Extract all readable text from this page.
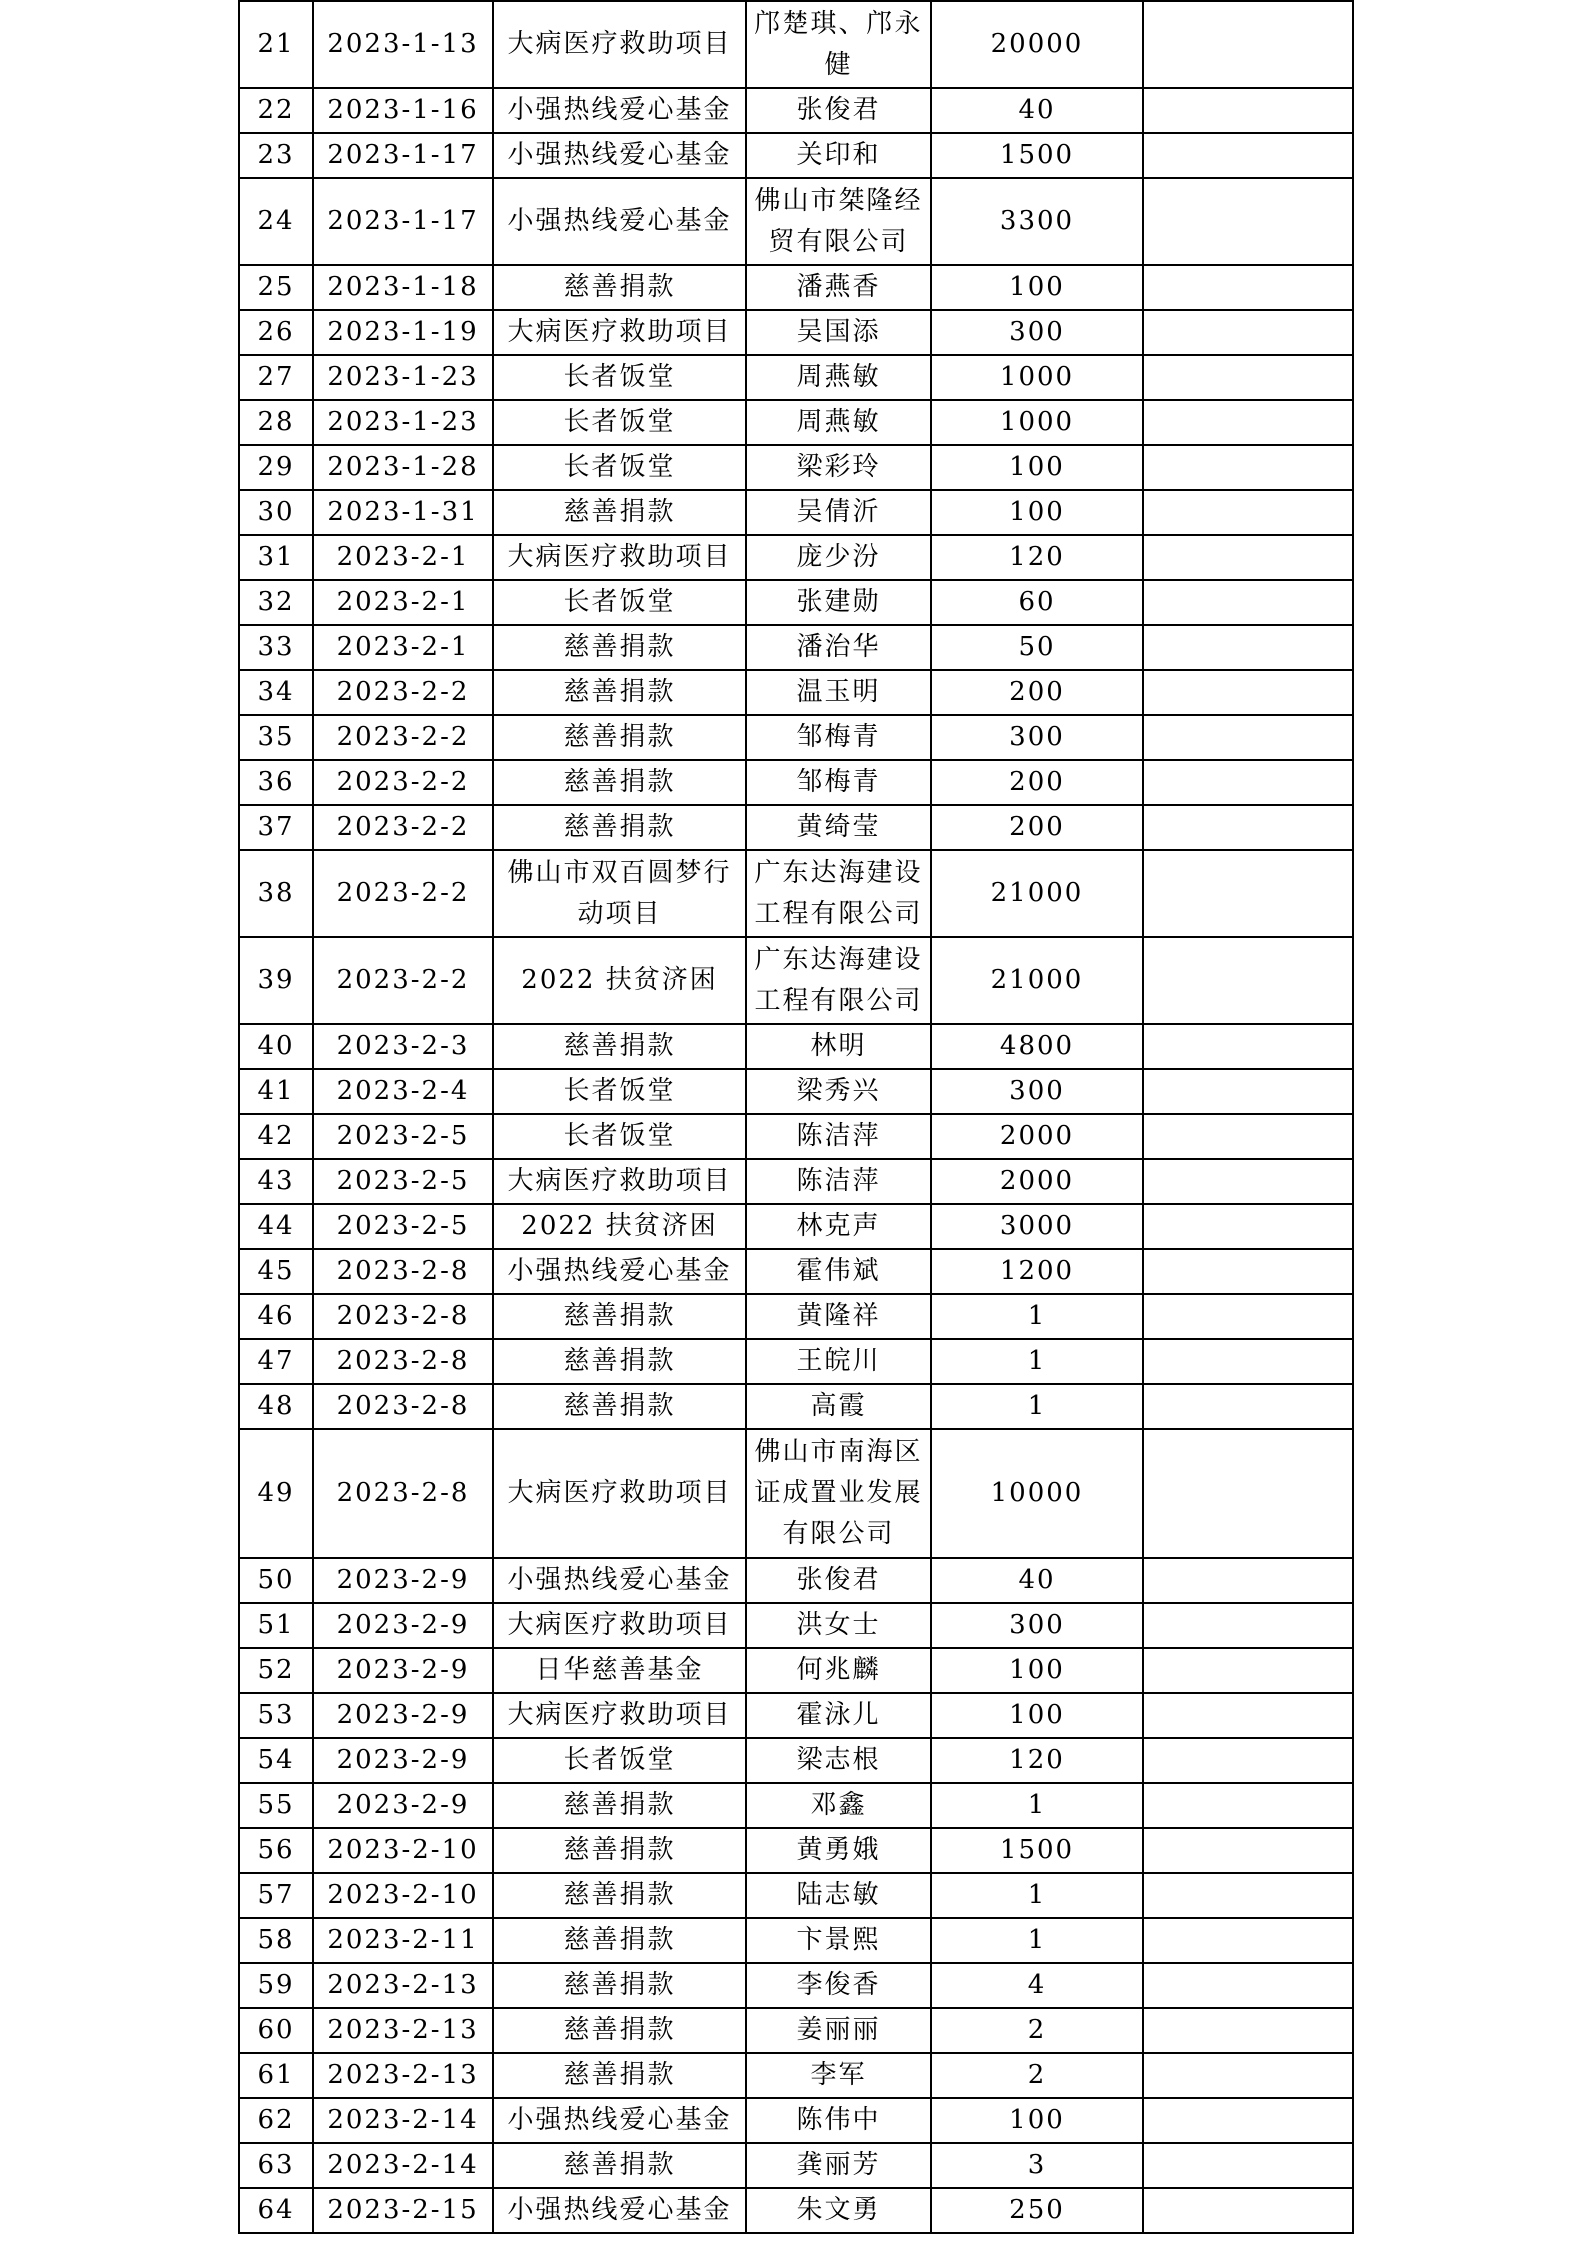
21	2023-1-13	大病医疗救助项目	邝楚琪、邝永健	20000	
22	2023-1-16	小强热线爱心基金	张俊君	40	
23	2023-1-17	小强热线爱心基金	关印和	1500	
24	2023-1-17	小强热线爱心基金	佛山市桀隆经贸有限公司	3300	
25	2023-1-18	慈善捐款	潘燕香	100	
26	2023-1-19	大病医疗救助项目	吴国添	300	
27	2023-1-23	长者饭堂	周燕敏	1000	
28	2023-1-23	长者饭堂	周燕敏	1000	
29	2023-1-28	长者饭堂	梁彩玲	100	
30	2023-1-31	慈善捐款	吴倩沂	100	
31	2023-2-1	大病医疗救助项目	庞少汾	120	
32	2023-2-1	长者饭堂	张建勋	60	
33	2023-2-1	慈善捐款	潘治华	50	
34	2023-2-2	慈善捐款	温玉明	200	
35	2023-2-2	慈善捐款	邹梅青	300	
36	2023-2-2	慈善捐款	邹梅青	200	
37	2023-2-2	慈善捐款	黄绮莹	200	
38	2023-2-2	佛山市双百圆梦行动项目	广东达海建设工程有限公司	21000	
39	2023-2-2	2022 扶贫济困	广东达海建设工程有限公司	21000	
40	2023-2-3	慈善捐款	林明	4800	
41	2023-2-4	长者饭堂	梁秀兴	300	
42	2023-2-5	长者饭堂	陈洁萍	2000	
43	2023-2-5	大病医疗救助项目	陈洁萍	2000	
44	2023-2-5	2022 扶贫济困	林克声	3000	
45	2023-2-8	小强热线爱心基金	霍伟斌	1200	
46	2023-2-8	慈善捐款	黄隆祥	1	
47	2023-2-8	慈善捐款	王皖川	1	
48	2023-2-8	慈善捐款	高霞	1	
49	2023-2-8	大病医疗救助项目	佛山市南海区证成置业发展有限公司	10000	
50	2023-2-9	小强热线爱心基金	张俊君	40	
51	2023-2-9	大病医疗救助项目	洪女士	300	
52	2023-2-9	日华慈善基金	何兆麟	100	
53	2023-2-9	大病医疗救助项目	霍泳儿	100	
54	2023-2-9	长者饭堂	梁志根	120	
55	2023-2-9	慈善捐款	邓鑫	1	
56	2023-2-10	慈善捐款	黄勇娥	1500	
57	2023-2-10	慈善捐款	陆志敏	1	
58	2023-2-11	慈善捐款	卞景熙	1	
59	2023-2-13	慈善捐款	李俊香	4	
60	2023-2-13	慈善捐款	姜丽丽	2	
61	2023-2-13	慈善捐款	李军	2	
62	2023-2-14	小强热线爱心基金	陈伟中	100	
63	2023-2-14	慈善捐款	龚丽芳	3	
64	2023-2-15	小强热线爱心基金	朱文勇	250	
